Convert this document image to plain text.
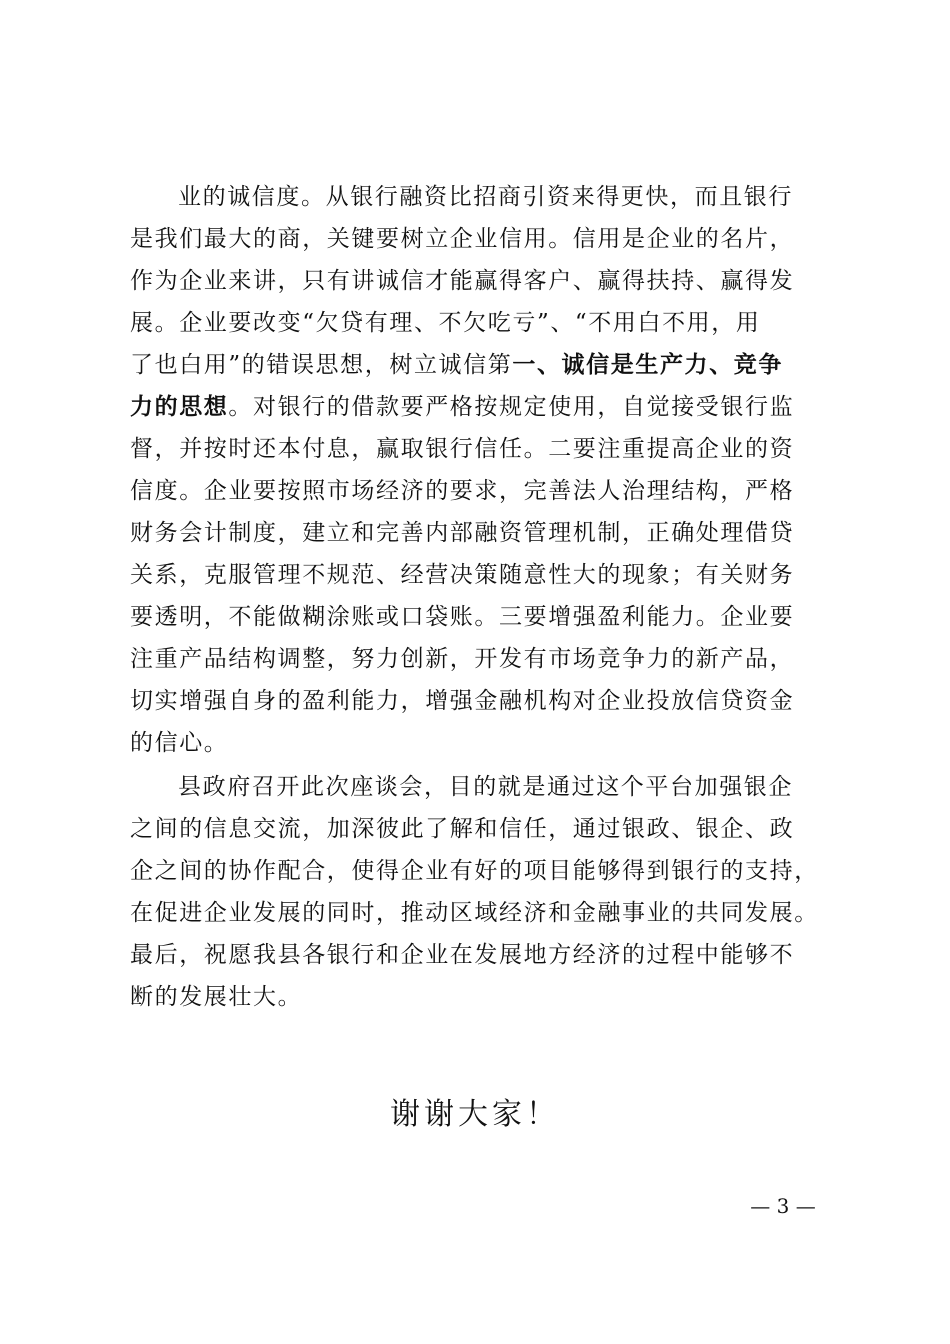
业的诚信度。从银行融资比招商引资来得更快，而且银行
是我们最大的商，关键要树立企业信用。信用是企业的名片，
作为企业来讲，只有讲诚信才能赢得客户、赢得扶持、赢得发
展。企业要改变“欠贷有理、不欠吃亏”、“不用白不用，用
了也白用”的错误思想，树立诚信第一、诚信是生产力、竞争
力的思想。对银行的借款要严格按规定使用，自觉接受银行监
督，并按时还本付息，赢取银行信任。二要注重提高企业的资
信度。企业要按照市场经济的要求，完善法人治理结构，严格
财务会计制度，建立和完善内部融资管理机制，正确处理借贷
关系，克服管理不规范、经营决策随意性大的现象；有关财务
要透明，不能做糊涂账或口袋账。三要增强盈利能力。企业要
注重产品结构调整，努力创新，开发有市场竞争力的新产品，
切实增强自身的盈利能力，增强金融机构对企业投放信贷资金
的信心。
县政府召开此次座谈会，目的就是通过这个平台加强银企
之间的信息交流，加深彼此了解和信任，通过银政、银企、政
企之间的协作配合，使得企业有好的项目能够得到银行的支持，
在促进企业发展的同时，推动区域经济和金融事业的共同发展。
最后，祝愿我县各银行和企业在发展地方经济的过程中能够不
断的发展壮大。
谢谢大家！
— 3 —
